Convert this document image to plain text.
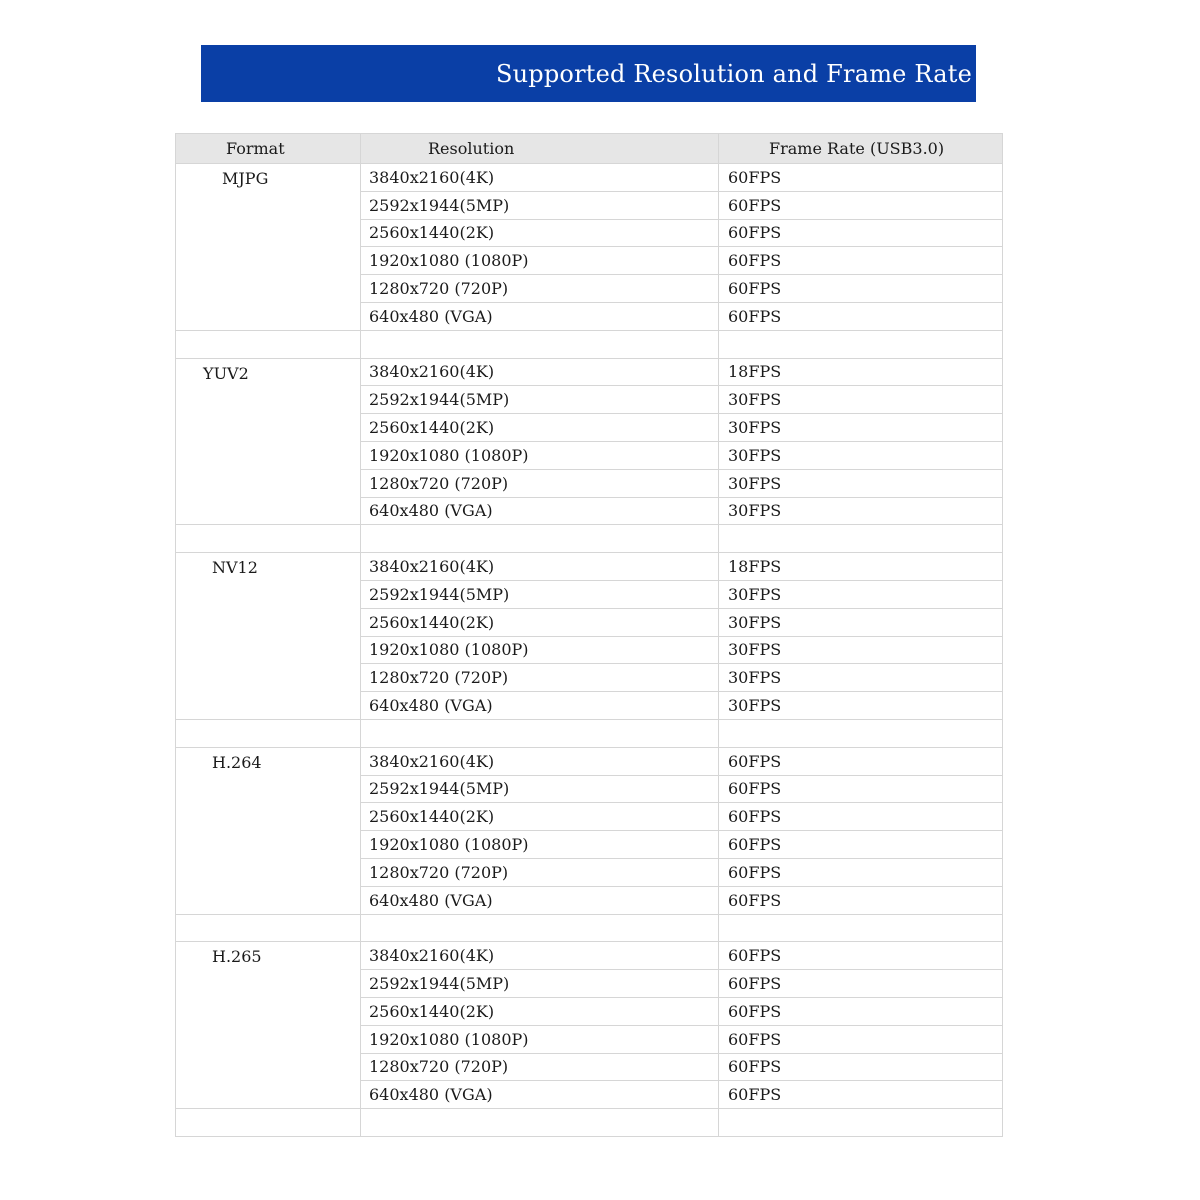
Supported Resolution and Frame Rate
Format	Resolution	Frame Rate (USB3.0)
MJPG	3840x2160(4K)	60FPS
	2592x1944(5MP)	60FPS
	2560x1440(2K)	60FPS
	1920x1080 (1080P)	60FPS
	1280x720 (720P)	60FPS
	640x480 (VGA)	60FPS

YUV2	3840x2160(4K)	18FPS
	2592x1944(5MP)	30FPS
	2560x1440(2K)	30FPS
	1920x1080 (1080P)	30FPS
	1280x720 (720P)	30FPS
	640x480 (VGA)	30FPS

NV12	3840x2160(4K)	18FPS
	2592x1944(5MP)	30FPS
	2560x1440(2K)	30FPS
	1920x1080 (1080P)	30FPS
	1280x720 (720P)	30FPS
	640x480 (VGA)	30FPS

H.264	3840x2160(4K)	60FPS
	2592x1944(5MP)	60FPS
	2560x1440(2K)	60FPS
	1920x1080 (1080P)	60FPS
	1280x720 (720P)	60FPS
	640x480 (VGA)	60FPS

H.265	3840x2160(4K)	60FPS
	2592x1944(5MP)	60FPS
	2560x1440(2K)	60FPS
	1920x1080 (1080P)	60FPS
	1280x720 (720P)	60FPS
	640x480 (VGA)	60FPS
